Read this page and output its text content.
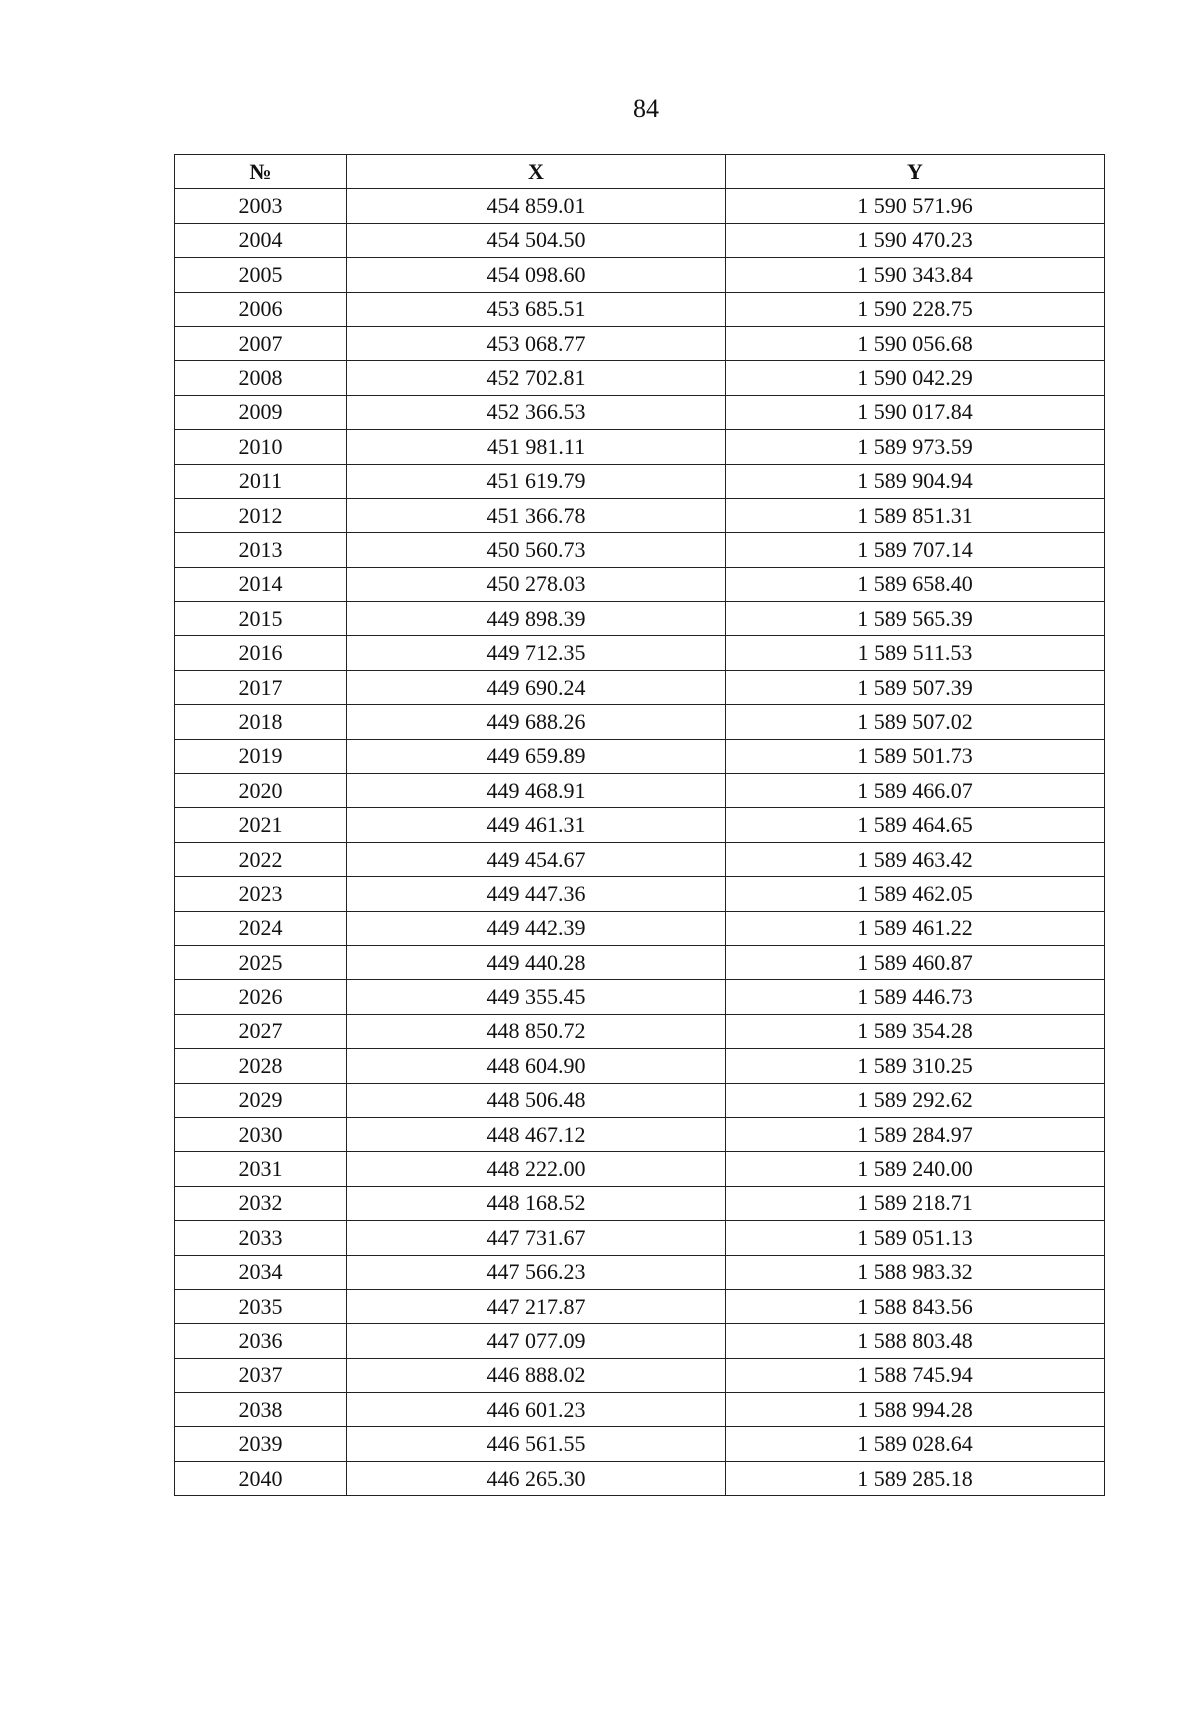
84
№	X	Y
2003	454 859.01	1 590 571.96
2004	454 504.50	1 590 470.23
2005	454 098.60	1 590 343.84
2006	453 685.51	1 590 228.75
2007	453 068.77	1 590 056.68
2008	452 702.81	1 590 042.29
2009	452 366.53	1 590 017.84
2010	451 981.11	1 589 973.59
2011	451 619.79	1 589 904.94
2012	451 366.78	1 589 851.31
2013	450 560.73	1 589 707.14
2014	450 278.03	1 589 658.40
2015	449 898.39	1 589 565.39
2016	449 712.35	1 589 511.53
2017	449 690.24	1 589 507.39
2018	449 688.26	1 589 507.02
2019	449 659.89	1 589 501.73
2020	449 468.91	1 589 466.07
2021	449 461.31	1 589 464.65
2022	449 454.67	1 589 463.42
2023	449 447.36	1 589 462.05
2024	449 442.39	1 589 461.22
2025	449 440.28	1 589 460.87
2026	449 355.45	1 589 446.73
2027	448 850.72	1 589 354.28
2028	448 604.90	1 589 310.25
2029	448 506.48	1 589 292.62
2030	448 467.12	1 589 284.97
2031	448 222.00	1 589 240.00
2032	448 168.52	1 589 218.71
2033	447 731.67	1 589 051.13
2034	447 566.23	1 588 983.32
2035	447 217.87	1 588 843.56
2036	447 077.09	1 588 803.48
2037	446 888.02	1 588 745.94
2038	446 601.23	1 588 994.28
2039	446 561.55	1 589 028.64
2040	446 265.30	1 589 285.18
